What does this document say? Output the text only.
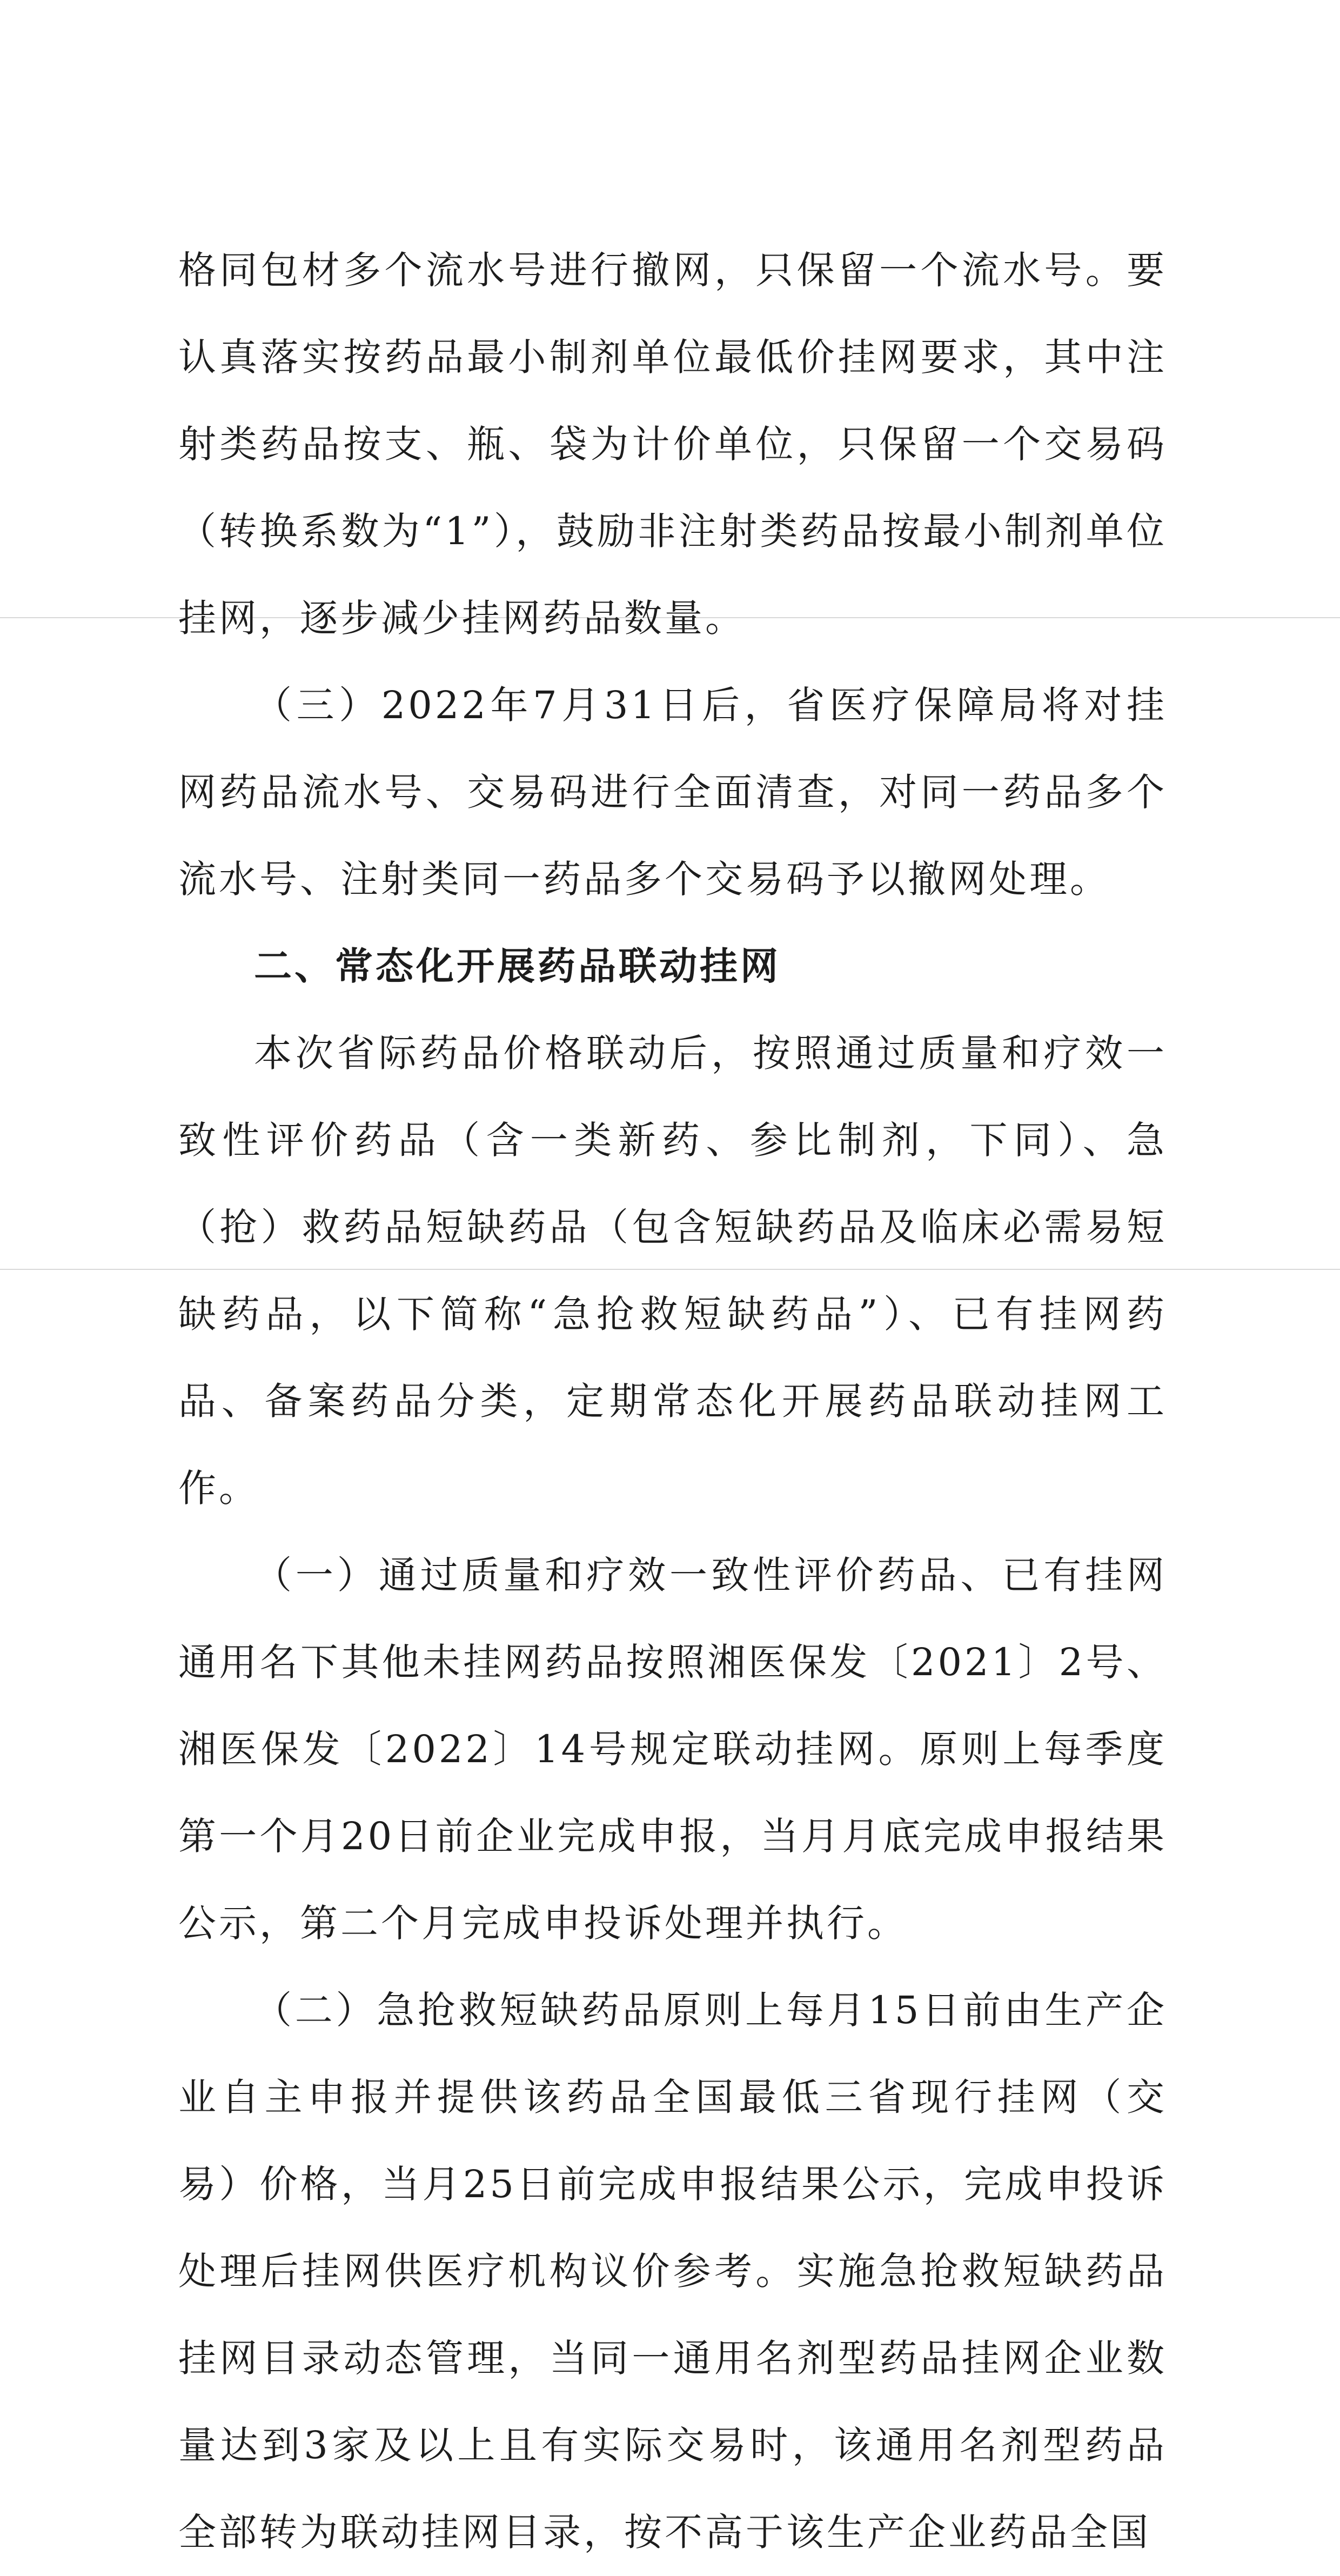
格同包材多个流水号进行撤网，只保留一个流水号。要认真落实按药品最小制剂单位最低价挂网要求，其中注射类药品按支、瓶、袋为计价单位，只保留一个交易码（转换系数为“1”），鼓励非注射类药品按最小制剂单位挂网，逐步减少挂网药品数量。

（三）2022年7月31日后，省医疗保障局将对挂网药品流水号、交易码进行全面清查，对同一药品多个流水号、注射类同一药品多个交易码予以撤网处理。

二、常态化开展药品联动挂网

本次省际药品价格联动后，按照通过质量和疗效一致性评价药品（含一类新药、参比制剂，下同）、急（抢）救药品短缺药品（包含短缺药品及临床必需易短缺药品，以下简称“急抢救短缺药品”）、已有挂网药品、备案药品分类，定期常态化开展药品联动挂网工作。

（一）通过质量和疗效一致性评价药品、已有挂网通用名下其他未挂网药品按照湘医保发〔2021〕2号、湘医保发〔2022〕14号规定联动挂网。原则上每季度第一个月20日前企业完成申报，当月月底完成申报结果公示，第二个月完成申投诉处理并执行。

（二）急抢救短缺药品原则上每月15日前由生产企业自主申报并提供该药品全国最低三省现行挂网（交易）价格，当月25日前完成申报结果公示，完成申投诉处理后挂网供医疗机构议价参考。实施急抢救短缺药品挂网目录动态管理，当同一通用名剂型药品挂网企业数量达到3家及以上且有实际交易时，该通用名剂型药品全部转为联动挂网目录，按不高于该生产企业药品全国
